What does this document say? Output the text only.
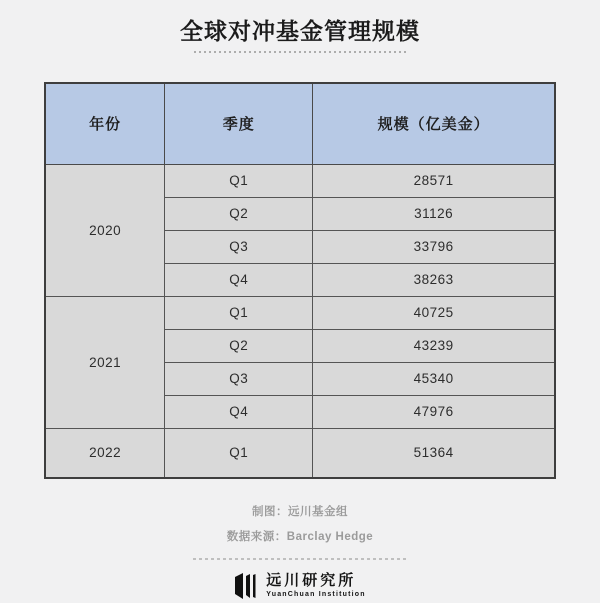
全球对冲基金管理规模
年份	季度	规模（亿美金）
2020	Q1	28571
	Q2	31126
	Q3	33796
	Q4	38263
2021	Q1	40725
	Q2	43239
	Q3	45340
	Q4	47976
2022	Q1	51364
制图：远川基金组
数据来源：Barclay Hedge
远川研究所
YuanChuan Institution
